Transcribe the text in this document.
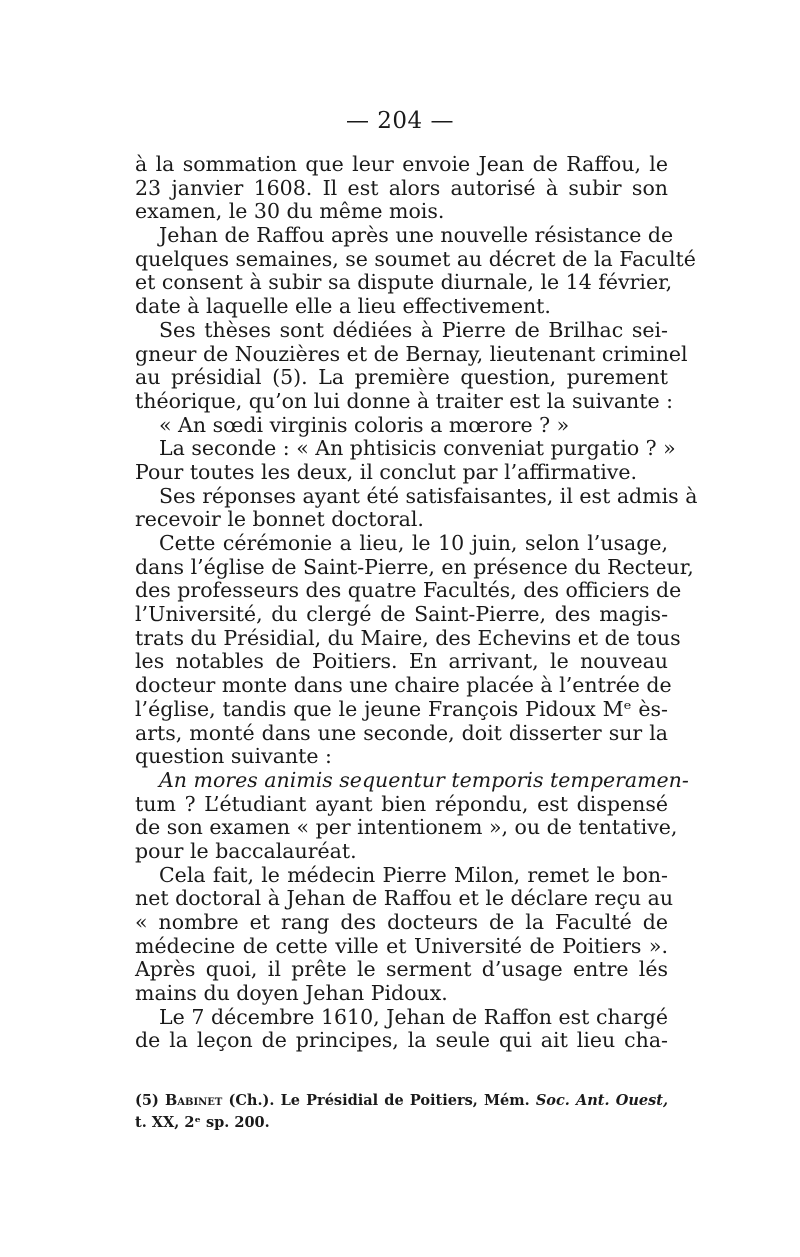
— 204 —
à la sommation que leur envoie Jean de Raffou, le
23 janvier 1608. Il est alors autorisé à subir son
examen, le 30 du même mois.
Jehan de Raffou après une nouvelle résistance de
quelques semaines, se soumet au décret de la Faculté
et consent à subir sa dispute diurnale, le 14 février,
date à laquelle elle a lieu effectivement.
Ses thèses sont dédiées à Pierre de Brilhac sei-
gneur de Nouzières et de Bernay, lieutenant criminel
au présidial (5). La première question, purement
théorique, qu’on lui donne à traiter est la suivante :
« An sœdi virginis coloris a mœrore ? »
La seconde : « An phtisicis conveniat purgatio ? »
Pour toutes les deux, il conclut par l’affirmative.
Ses réponses ayant été satisfaisantes, il est admis à
recevoir le bonnet doctoral.
Cette cérémonie a lieu, le 10 juin, selon l’usage,
dans l’église de Saint-Pierre, en présence du Recteur,
des professeurs des quatre Facultés, des officiers de
l’Université, du clergé de Saint-Pierre, des magis-
trats du Présidial, du Maire, des Echevins et de tous
les notables de Poitiers. En arrivant, le nouveau
docteur monte dans une chaire placée à l’entrée de
l’église, tandis que le jeune François Pidoux Mᵉ ès-
arts, monté dans une seconde, doit disserter sur la
question suivante :
An mores animis sequentur temporis temperamen-
tum ? L’étudiant ayant bien répondu, est dispensé
de son examen « per intentionem », ou de tentative,
pour le baccalauréat.
Cela fait, le médecin Pierre Milon, remet le bon-
net doctoral à Jehan de Raffou et le déclare reçu au
« nombre et rang des docteurs de la Faculté de
médecine de cette ville et Université de Poitiers ».
Après quoi, il prête le serment d’usage entre lés
mains du doyen Jehan Pidoux.
Le 7 décembre 1610, Jehan de Raffon est chargé
de la leçon de principes, la seule qui ait lieu cha-
(5) Babinet (Ch.). Le Présidial de Poitiers, Mém. Soc. Ant. Ouest,
t. XX, 2ᵉ sp. 200.
